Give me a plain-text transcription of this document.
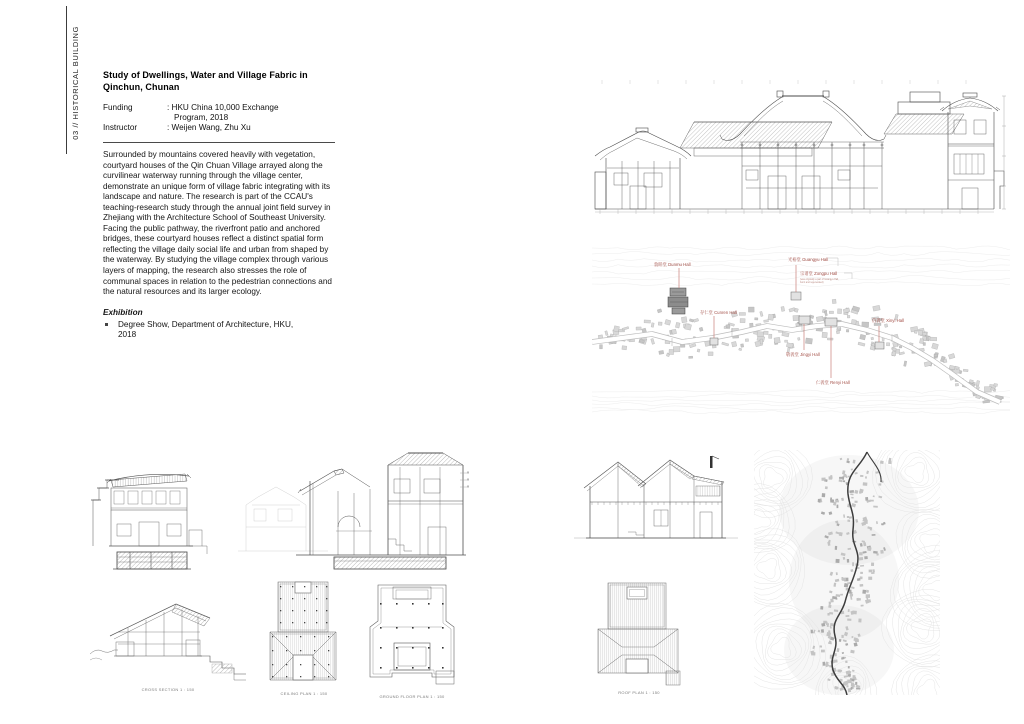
03 // HISTORICAL BUILDING	Study of Dwellings, Water and Village Fabric in Qinchun, Chunan
Funding	: HKU China 10,000 Exchange Program, 2018
Instructor	: Weijen Wang, Zhu Xu
Surrounded by mountains covered heavily with vegetation, courtyard houses of the Qin Chuan Village arrayed along the curvilinear waterway running through the village center, demonstrate an unique form of village fabric integrating with its landscape and nature. The research is part of the CCAU's teaching-research study through the annual joint field survey in Zhejiang with the Architecture School of Southeast University. Facing the public pathway, the riverfront patio and anchored bridges, these courtyard houses reflect a distinct spatial form reflecting the village daily social life and urban from shaped by the waterway. By studying the village complex through various layers of mapping, the research also stresses the role of communal spaces in relation to the pedestrian connections and the natural resources and its larger ecology.
Exhibition
Degree Show, Department of Architecture, HKU, 2018
敦睦堂 Dunmu Hall
存仁堂 Cunren Hall
光裕堂 Guangyu Hall
宗谱堂 Zongpu Hall
(was originally a part of Guangyu Hall,
burnt and regenerated)
信義堂 Xinyi Hall
敬義堂 Jingyi Hall
仁義堂 Renyi Hall
CROSS SECTION 1 : 150
CEILING PLAN 1 : 150
GROUND FLOOR PLAN 1 : 150
ROOF PLAN 1 : 150
